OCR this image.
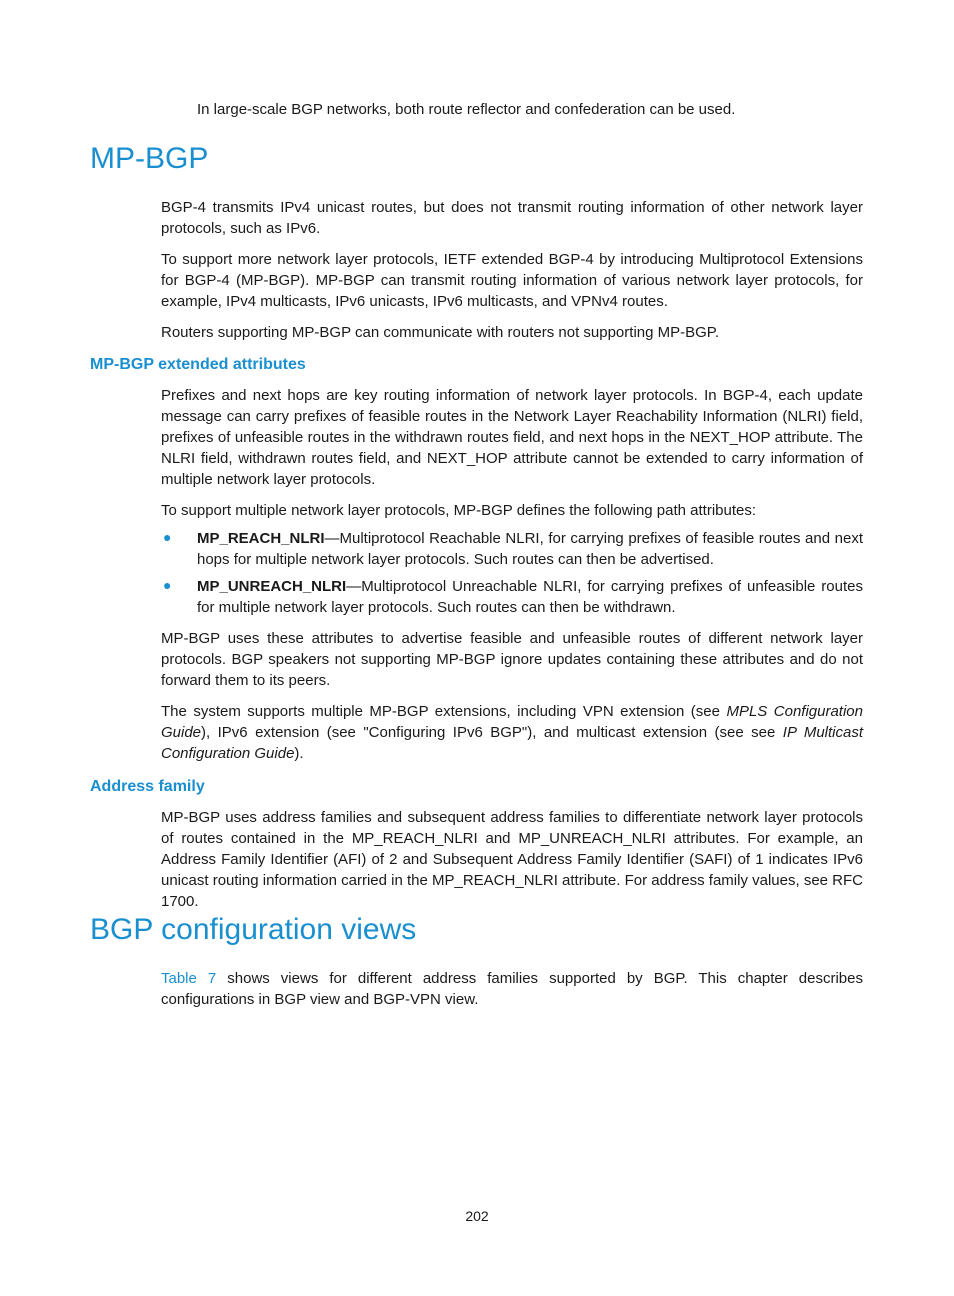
In large-scale BGP networks, both route reflector and confederation can be used.

MP-BGP

BGP-4 transmits IPv4 unicast routes, but does not transmit routing information of other network layer protocols, such as IPv6.

To support more network layer protocols, IETF extended BGP-4 by introducing Multiprotocol Extensions for BGP-4 (MP-BGP). MP-BGP can transmit routing information of various network layer protocols, for example, IPv4 multicasts, IPv6 unicasts, IPv6 multicasts, and VPNv4 routes.

Routers supporting MP-BGP can communicate with routers not supporting MP-BGP.

MP-BGP extended attributes

Prefixes and next hops are key routing information of network layer protocols. In BGP-4, each update message can carry prefixes of feasible routes in the Network Layer Reachability Information (NLRI) field, prefixes of unfeasible routes in the withdrawn routes field, and next hops in the NEXT_HOP attribute. The NLRI field, withdrawn routes field, and NEXT_HOP attribute cannot be extended to carry information of multiple network layer protocols.

To support multiple network layer protocols, MP-BGP defines the following path attributes:

● MP_REACH_NLRI—Multiprotocol Reachable NLRI, for carrying prefixes of feasible routes and next hops for multiple network layer protocols. Such routes can then be advertised.

● MP_UNREACH_NLRI—Multiprotocol Unreachable NLRI, for carrying prefixes of unfeasible routes for multiple network layer protocols. Such routes can then be withdrawn.

MP-BGP uses these attributes to advertise feasible and unfeasible routes of different network layer protocols. BGP speakers not supporting MP-BGP ignore updates containing these attributes and do not forward them to its peers.

The system supports multiple MP-BGP extensions, including VPN extension (see MPLS Configuration Guide), IPv6 extension (see "Configuring IPv6 BGP"), and multicast extension (see see IP Multicast Configuration Guide).

Address family

MP-BGP uses address families and subsequent address families to differentiate network layer protocols of routes contained in the MP_REACH_NLRI and MP_UNREACH_NLRI attributes. For example, an Address Family Identifier (AFI) of 2 and Subsequent Address Family Identifier (SAFI) of 1 indicates IPv6 unicast routing information carried in the MP_REACH_NLRI attribute. For address family values, see RFC 1700.

BGP configuration views

Table 7 shows views for different address families supported by BGP. This chapter describes configurations in BGP view and BGP-VPN view.

202
